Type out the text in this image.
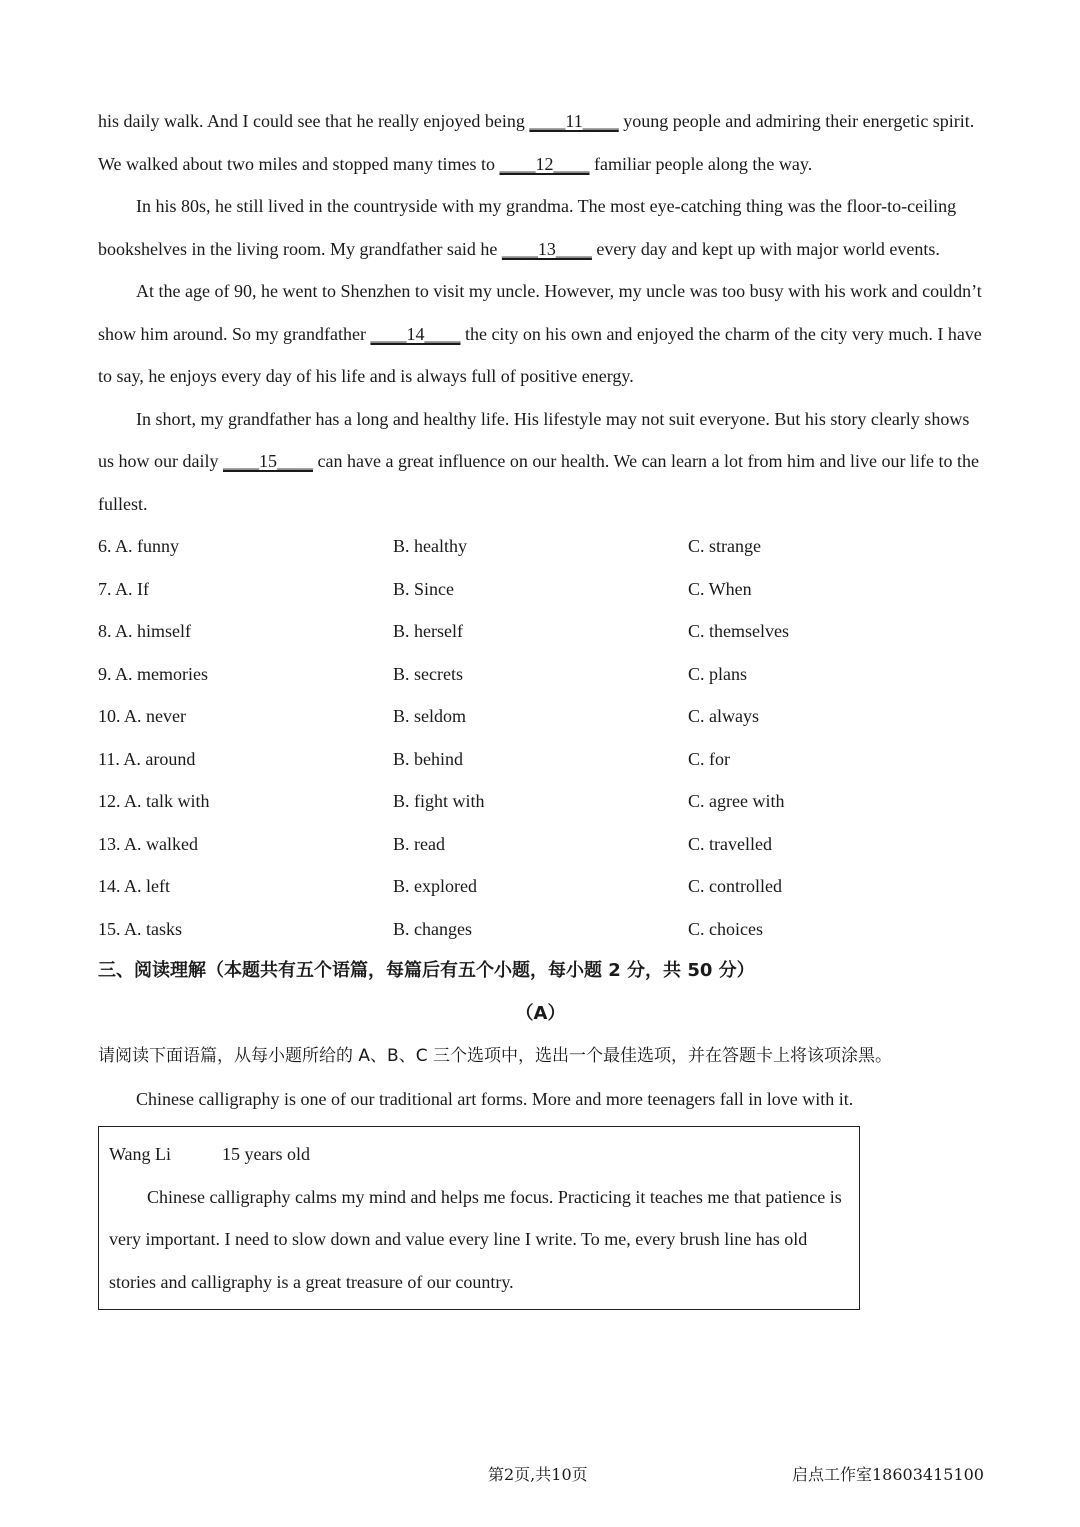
his daily walk. And I could see that he really enjoyed being ____11____ young people and admiring their energetic spirit. We walked about two miles and stopped many times to ____12____ familiar people along the way.

In his 80s, he still lived in the countryside with my grandma. The most eye-catching thing was the floor-to-ceiling bookshelves in the living room. My grandfather said he ____13____ every day and kept up with major world events.

At the age of 90, he went to Shenzhen to visit my uncle. However, my uncle was too busy with his work and couldn’t show him around. So my grandfather ____14____ the city on his own and enjoyed the charm of the city very much. I have to say, he enjoys every day of his life and is always full of positive energy.

In short, my grandfather has a long and healthy life. His lifestyle may not suit everyone. But his story clearly shows us how our daily ____15____ can have a great influence on our health. We can learn a lot from him and live our life to the fullest.

6. A. funny	B. healthy	C. strange
7. A. If	B. Since	C. When
8. A. himself	B. herself	C. themselves
9. A. memories	B. secrets	C. plans
10. A. never	B. seldom	C. always
11. A. around	B. behind	C. for
12. A. talk with	B. fight with	C. agree with
13. A. walked	B. read	C. travelled
14. A. left	B. explored	C. controlled
15. A. tasks	B. changes	C. choices

三、阅读理解（本题共有五个语篇，每篇后有五个小题，每小题 2 分，共 50 分）

（A）

请阅读下面语篇，从每小题所给的 A、B、C 三个选项中，选出一个最佳选项，并在答题卡上将该项涂黑。

Chinese calligraphy is one of our traditional art forms. More and more teenagers fall in love with it.

Wang Li	15 years old

Chinese calligraphy calms my mind and helps me focus. Practicing it teaches me that patience is very important. I need to slow down and value every line I write. To me, every brush line has old stories and calligraphy is a great treasure of our country.

第2页,共10页	启点工作室18603415100
